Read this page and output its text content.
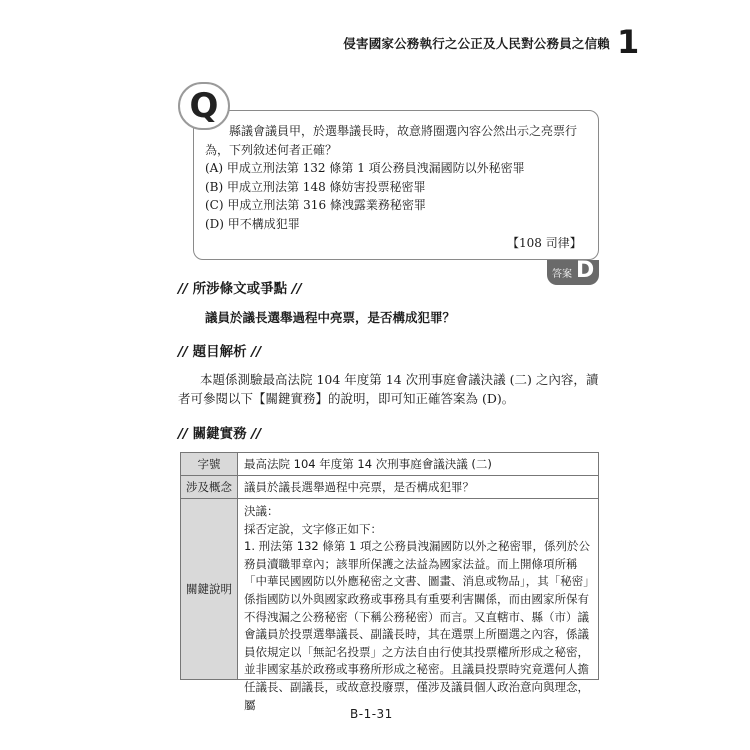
侵害國家公務執行之公正及人民對公務員之信賴 1
Q

縣議會議員甲，於選舉議長時，故意將圈選內容公然出示之亮票行為，下列敘述何者正確？

(A) 甲成立刑法第 132 條第 1 項公務員洩漏國防以外秘密罪

(B) 甲成立刑法第 148 條妨害投票秘密罪

(C) 甲成立刑法第 316 條洩露業務秘密罪

(D) 甲不構成犯罪

【108 司律】
答案 D
// 所涉條文或爭點 //
議員於議長選舉過程中亮票，是否構成犯罪？
// 題目解析 //

本題係測驗最高法院 104 年度第 14 次刑事庭會議決議 (二) 之內容，讀者可參閱以下【關鍵實務】的說明，即可知正確答案為 (D)。

// 關鍵實務 //
字號	最高法院 104 年度第 14 次刑事庭會議決議 (二)
涉及概念	議員於議長選舉過程中亮票，是否構成犯罪？
關鍵說明	決議：
採否定說，文字修正如下：
1. 刑法第 132 條第 1 項之公務員洩漏國防以外之秘密罪，係列於公務員瀆職罪章內；該罪所保護之法益為國家法益。而上開條項所稱「中華民國國防以外應秘密之文書、圖畫、消息或物品」，其「秘密」係指國防以外與國家政務或事務具有重要利害關係，而由國家所保有不得洩漏之公務秘密（下稱公務秘密）而言。又直轄市、縣（市）議會議員於投票選舉議長、副議長時，其在選票上所圈選之內容，係議員依規定以「無記名投票」之方法自由行使其投票權所形成之秘密，並非國家基於政務或事務所形成之秘密。且議員投票時究竟選何人擔任議長、副議長，或故意投廢票，僅涉及議員個人政治意向與理念，屬
B-1-31
